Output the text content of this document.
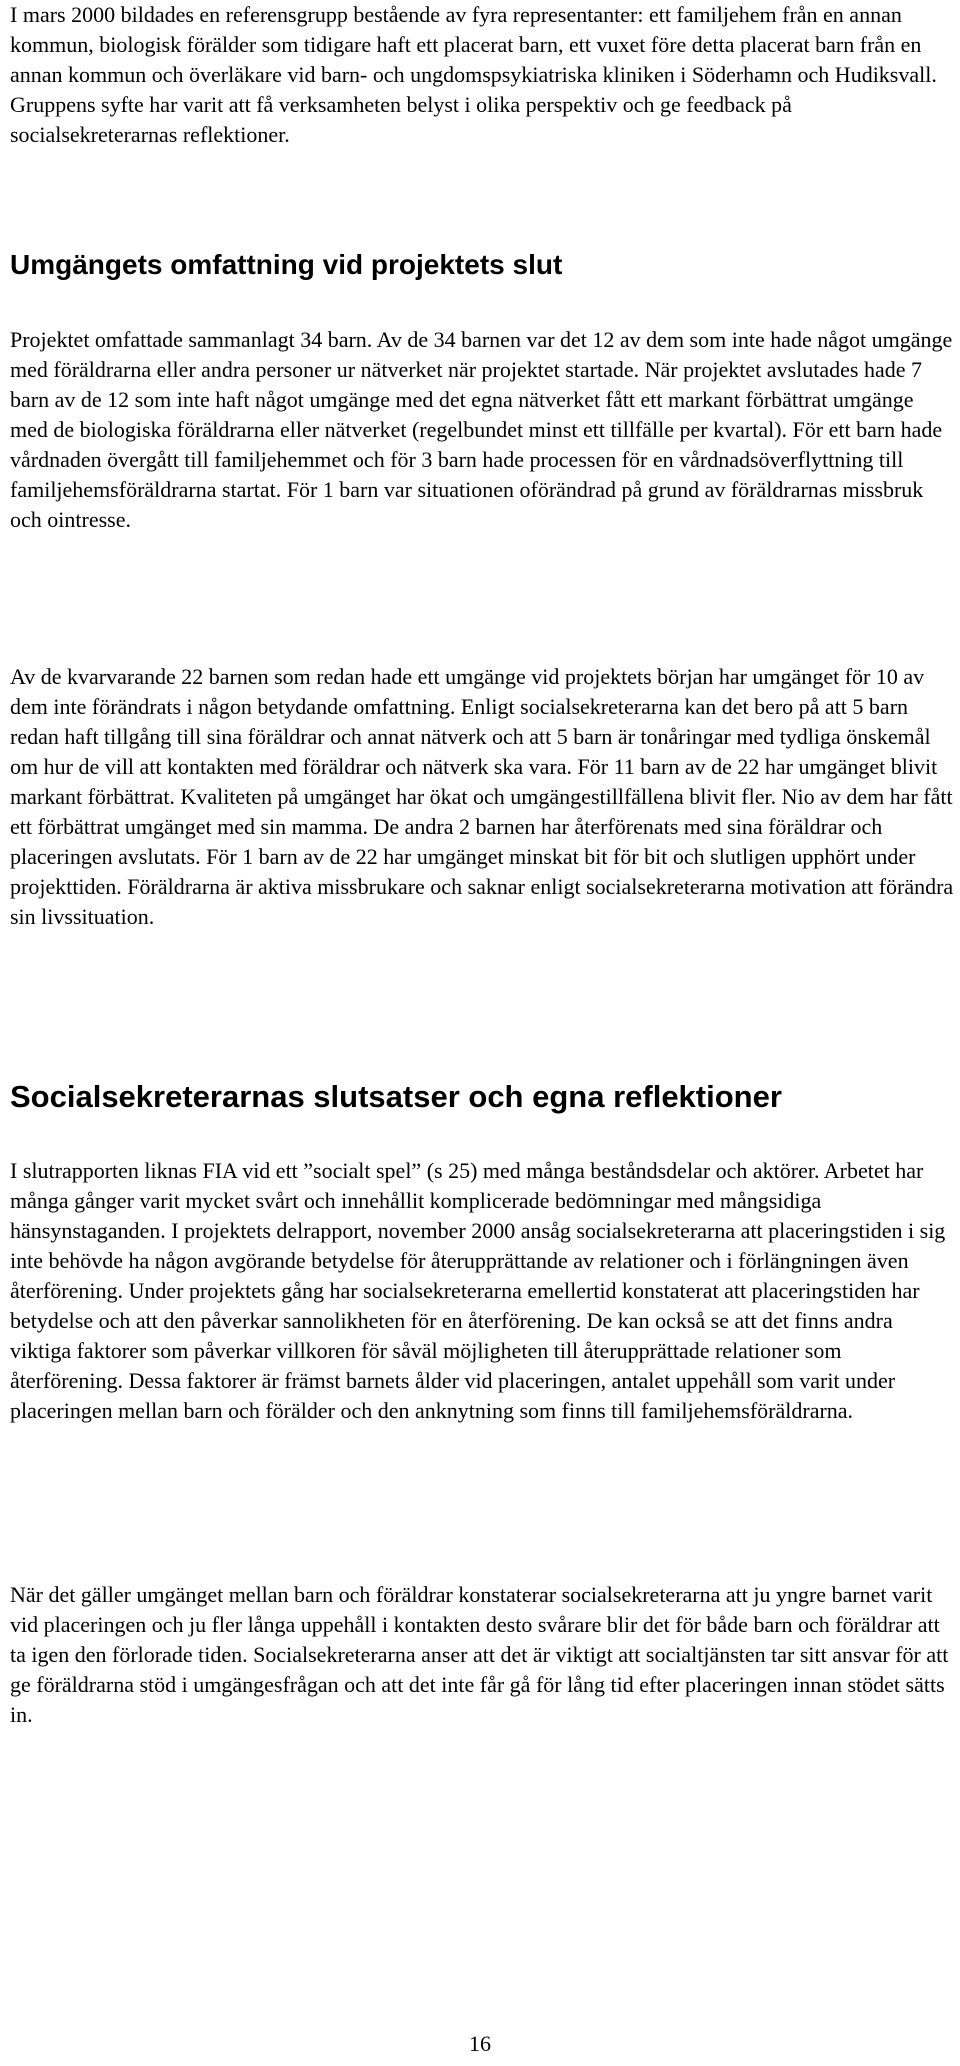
I mars 2000 bildades en referensgrupp bestående av fyra representanter: ett familjehem från en annan kommun, biologisk förälder som tidigare haft ett placerat barn, ett vuxet före detta placerat barn från en annan kommun och överläkare vid barn- och ungdomspsykiatriska kliniken i Söderhamn och Hudiksvall. Gruppens syfte har varit att få verksamheten belyst i olika perspektiv och ge feedback på socialsekreterarnas reflektioner.

Umgängets omfattning vid projektets slut

Projektet omfattade sammanlagt 34 barn. Av de 34 barnen var det 12 av dem som inte hade något umgänge med föräldrarna eller andra personer ur nätverket när projektet startade. När projektet avslutades hade 7 barn av de 12 som inte haft något umgänge med det egna nätverket fått ett markant förbättrat umgänge med de biologiska föräldrarna eller nätverket (regelbundet minst ett tillfälle per kvartal). För ett barn hade vårdnaden övergått till familjehemmet och för 3 barn hade processen för en vårdnadsöverflyttning till familjehemsföräldrarna startat. För 1 barn var situationen oförändrad på grund av föräldrarnas missbruk och ointresse.

Av de kvarvarande 22 barnen som redan hade ett umgänge vid projektets början har umgänget för 10 av dem inte förändrats i någon betydande omfattning. Enligt socialsekreterarna kan det bero på att 5 barn redan haft tillgång till sina föräldrar och annat nätverk och att 5 barn är tonåringar med tydliga önskemål om hur de vill att kontakten med föräldrar och nätverk ska vara. För 11 barn av de 22 har umgänget blivit markant förbättrat. Kvaliteten på umgänget har ökat och umgängestillfällena blivit fler. Nio av dem har fått ett förbättrat umgänget med sin mamma. De andra 2 barnen har återförenats med sina föräldrar och placeringen avslutats. För 1 barn av de 22 har umgänget minskat bit för bit och slutligen upphört under projekttiden. Föräldrarna är aktiva missbrukare och saknar enligt socialsekreterarna motivation att förändra sin livssituation.

Socialsekreterarnas slutsatser och egna reflektioner

I slutrapporten liknas FIA vid ett ”socialt spel” (s 25) med många beståndsdelar och aktörer. Arbetet har många gånger varit mycket svårt och innehållit komplicerade bedömningar med mångsidiga hänsynstaganden. I projektets delrapport, november 2000 ansåg socialsekreterarna att placeringstiden i sig inte behövde ha någon avgörande betydelse för återupprättande av relationer och i förlängningen även återförening. Under projektets gång har socialsekreterarna emellertid konstaterat att placeringstiden har betydelse och att den påverkar sannolikheten för en återförening. De kan också se att det finns andra viktiga faktorer som påverkar villkoren för såväl möjligheten till återupprättade relationer som återförening. Dessa faktorer är främst barnets ålder vid placeringen, antalet uppehåll som varit under placeringen mellan barn och förälder och den anknytning som finns till familjehemsföräldrarna.

När det gäller umgänget mellan barn och föräldrar konstaterar socialsekreterarna att ju yngre barnet varit vid placeringen och ju fler långa uppehåll i kontakten desto svårare blir det för både barn och föräldrar att ta igen den förlorade tiden. Socialsekreterarna anser att det är viktigt att socialtjänsten tar sitt ansvar för att ge föräldrarna stöd i umgängesfrågan och att det inte får gå för lång tid efter placeringen innan stödet sätts in.

16
